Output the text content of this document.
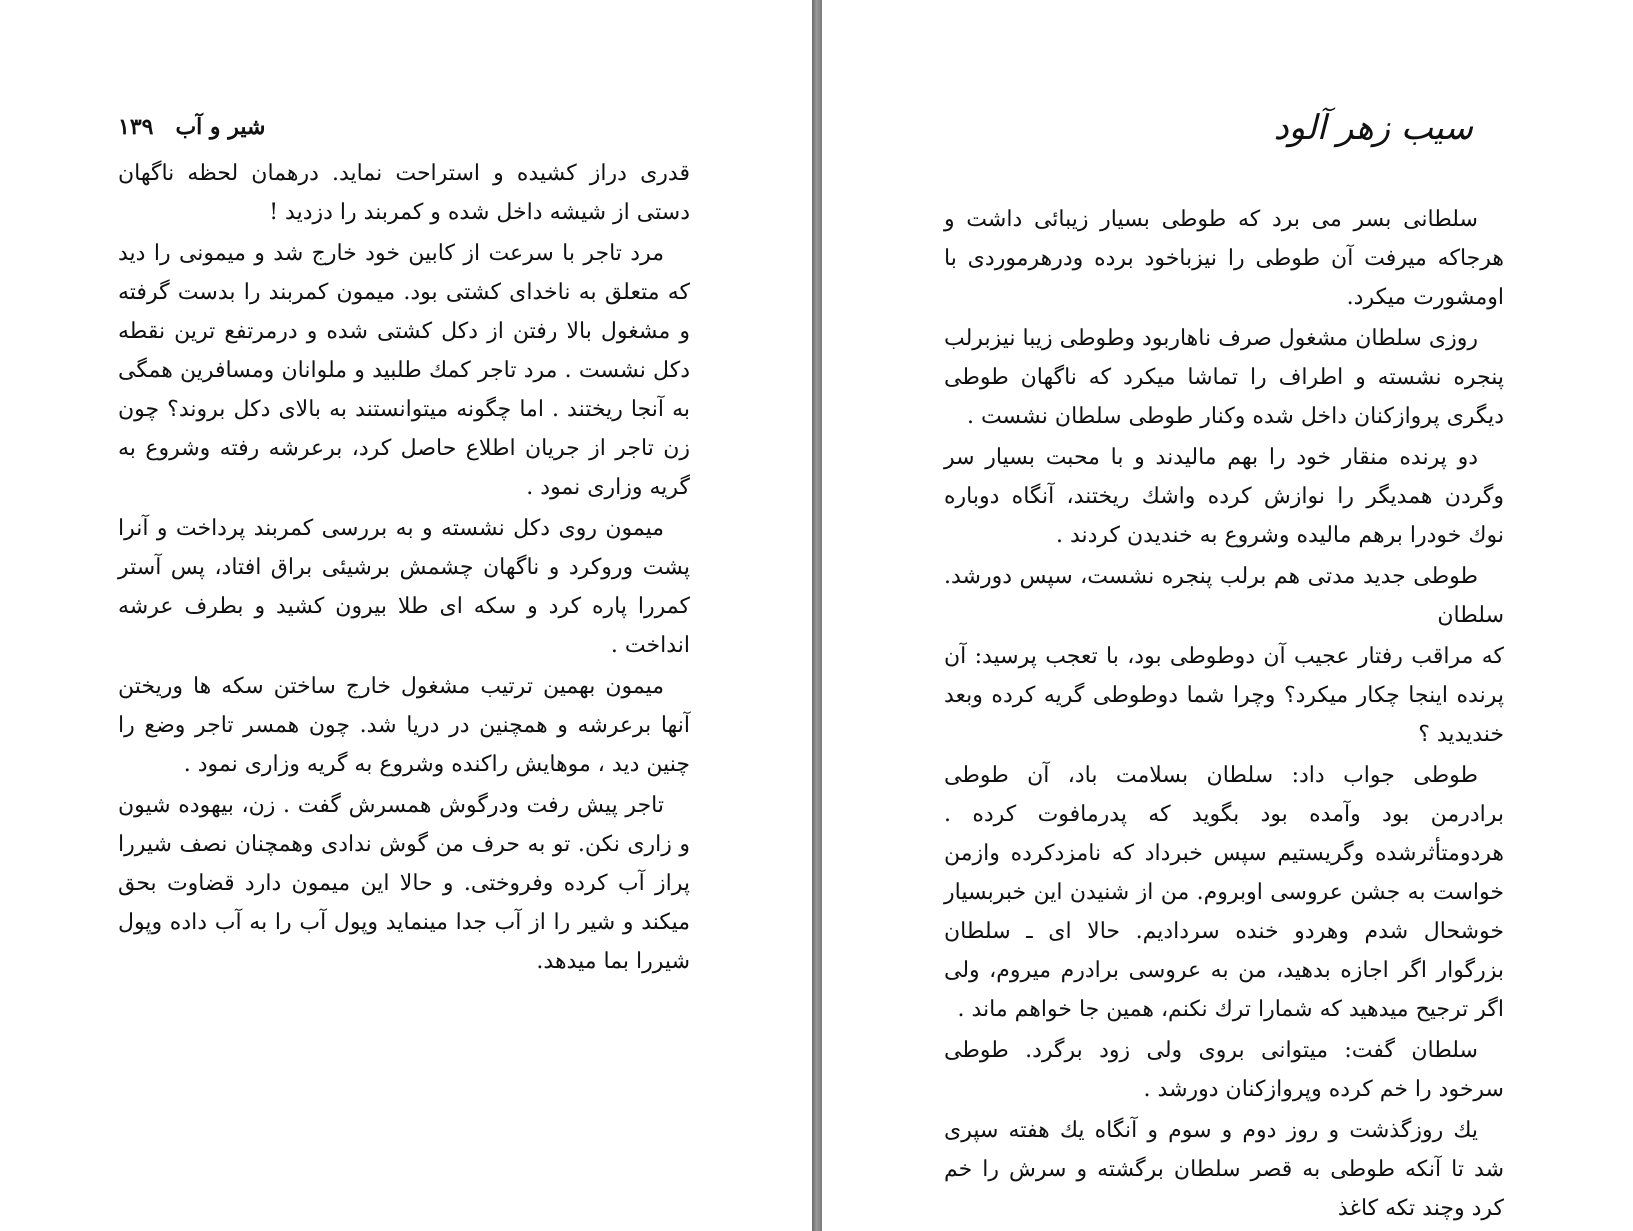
شیر و آب
۱۳۹

قدری دراز کشیده و استراحت نماید. درهمان لحظه ناگهان دستی از شیشه داخل شده و کمربند را دزدید !

مرد تاجر با سرعت از کابین خود خارج شد و میمونی را دید که متعلق به ناخدای کشتی بود. میمون کمربند را بدست گرفته و مشغول بالا رفتن از دکل کشتی شده و درمرتفع ترین نقطه دکل نشست . مرد تاجر کمك طلبید و ملوانان ومسافرین همگی به آنجا ریختند . اما چگونه میتوانستند به بالای دکل بروند؟ چون زن تاجر از جریان اطلاع حاصل کرد، برعرشه رفته وشروع به گریه وزاری نمود .

میمون روی دکل نشسته و به بررسی کمربند پرداخت و آنرا پشت وروکرد و ناگهان چشمش برشیئی براق افتاد، پس آستر کمررا پاره کرد و سکه ای طلا بیرون کشید و بطرف عرشه انداخت .

میمون بهمین ترتیب مشغول خارج ساختن سکه ها وریختن آنها برعرشه و همچنین در دریا شد. چون همسر تاجر وضع را چنین دید ، موهایش راکنده وشروع به گریه وزاری نمود .

تاجر پیش رفت ودرگوش همسرش گفت . زن، بیهوده شیون و زاری نکن. تو به حرف من گوش ندادی وهمچنان نصف شیررا پراز آب کرده وفروختی. و حالا این میمون دارد قضاوت بحق میکند و شیر را از آب جدا مینماید وپول آب را به آب داده وپول شیررا بما میدهد.

سیب زهر آلود

سلطانی بسر می برد که طوطی بسیار زیبائی داشت و هرجاکه میرفت آن طوطی را نیزباخود برده ودرهرموردی با اومشورت میکرد.

روزی سلطان مشغول صرف ناهاربود وطوطی زیبا نیزبرلب پنجره نشسته و اطراف را تماشا میکرد که ناگهان طوطی دیگری پروازکنان داخل شده وکنار طوطی سلطان نشست .

دو پرنده منقار خود را بهم مالیدند و با محبت بسیار سر وگردن همدیگر را نوازش کرده واشك ریختند، آنگاه دوباره نوك خودرا برهم مالیده وشروع به خندیدن کردند .

طوطی جدید مدتی هم برلب پنجره نشست، سپس دورشد. سلطان

که مراقب رفتار عجیب آن دوطوطی بود، با تعجب پرسید: آن پرنده اینجا چکار میکرد؟ وچرا شما دوطوطی گریه کرده وبعد خندیدید ؟

طوطی جواب داد: سلطان بسلامت باد، آن طوطی برادرمن بود وآمده بود بگوید که پدرمافوت کرده . هردومتأثرشده وگریستیم سپس خبرداد که نامزدکرده وازمن خواست به جشن عروسی اوبروم. من از شنیدن این خبربسیار خوشحال شدم وهردو خنده سردادیم. حالا ای ـ سلطان بزرگوار اگر اجازه بدهید، من به عروسی برادرم میروم، ولی اگر ترجیح میدهید که شمارا ترك نکنم، همین جا خواهم ماند .

سلطان گفت: میتوانی بروی ولی زود برگرد. طوطی سرخود را خم کرده وپروازکنان دورشد .

یك روزگذشت و روز دوم و سوم و آنگاه یك هفته سپری شد تا آنکه طوطی به قصر سلطان برگشته و سرش را خم کرد وچند تکه کاغذ
